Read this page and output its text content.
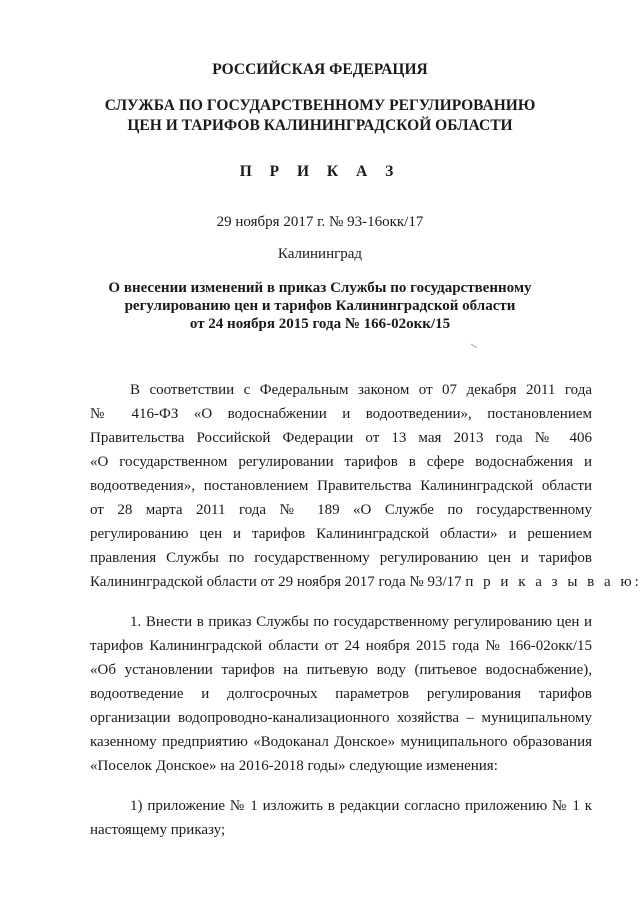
РОССИЙСКАЯ ФЕДЕРАЦИЯ
СЛУЖБА ПО ГОСУДАРСТВЕННОМУ РЕГУЛИРОВАНИЮ
ЦЕН И ТАРИФОВ КАЛИНИНГРАДСКОЙ ОБЛАСТИ
П Р И К А З
29 ноября 2017 г. № 93-16окк/17
Калининград
О внесении изменений в приказ Службы по государственному
регулированию цен и тарифов Калининградской области
от 24 ноября 2015 года № 166-02окк/15
В соответствии с Федеральным законом от 07 декабря 2011 года
№ 416-ФЗ «О водоснабжении и водоотведении», постановлением
Правительства Российской Федерации от 13 мая 2013 года № 406
«О государственном регулировании тарифов в сфере водоснабжения и
водоотведения», постановлением Правительства Калининградской области
от 28 марта 2011 года № 189 «О Службе по государственному
регулированию цен и тарифов Калининградской области» и решением
правления Службы по государственному регулированию цен и тарифов
Калининградской области от 29 ноября 2017 года № 93/17 п р и к а з ы в а ю:
1. Внести в приказ Службы по государственному регулированию цен и
тарифов Калининградской области от 24 ноября 2015 года № 166-02окк/15
«Об установлении тарифов на питьевую воду (питьевое водоснабжение),
водоотведение и долгосрочных параметров регулирования тарифов
организации водопроводно-канализационного хозяйства – муниципальному
казенному предприятию «Водоканал Донское» муниципального образования
«Поселок Донское» на 2016-2018 годы» следующие изменения:
1) приложение № 1 изложить в редакции согласно приложению № 1 к
настоящему приказу;
